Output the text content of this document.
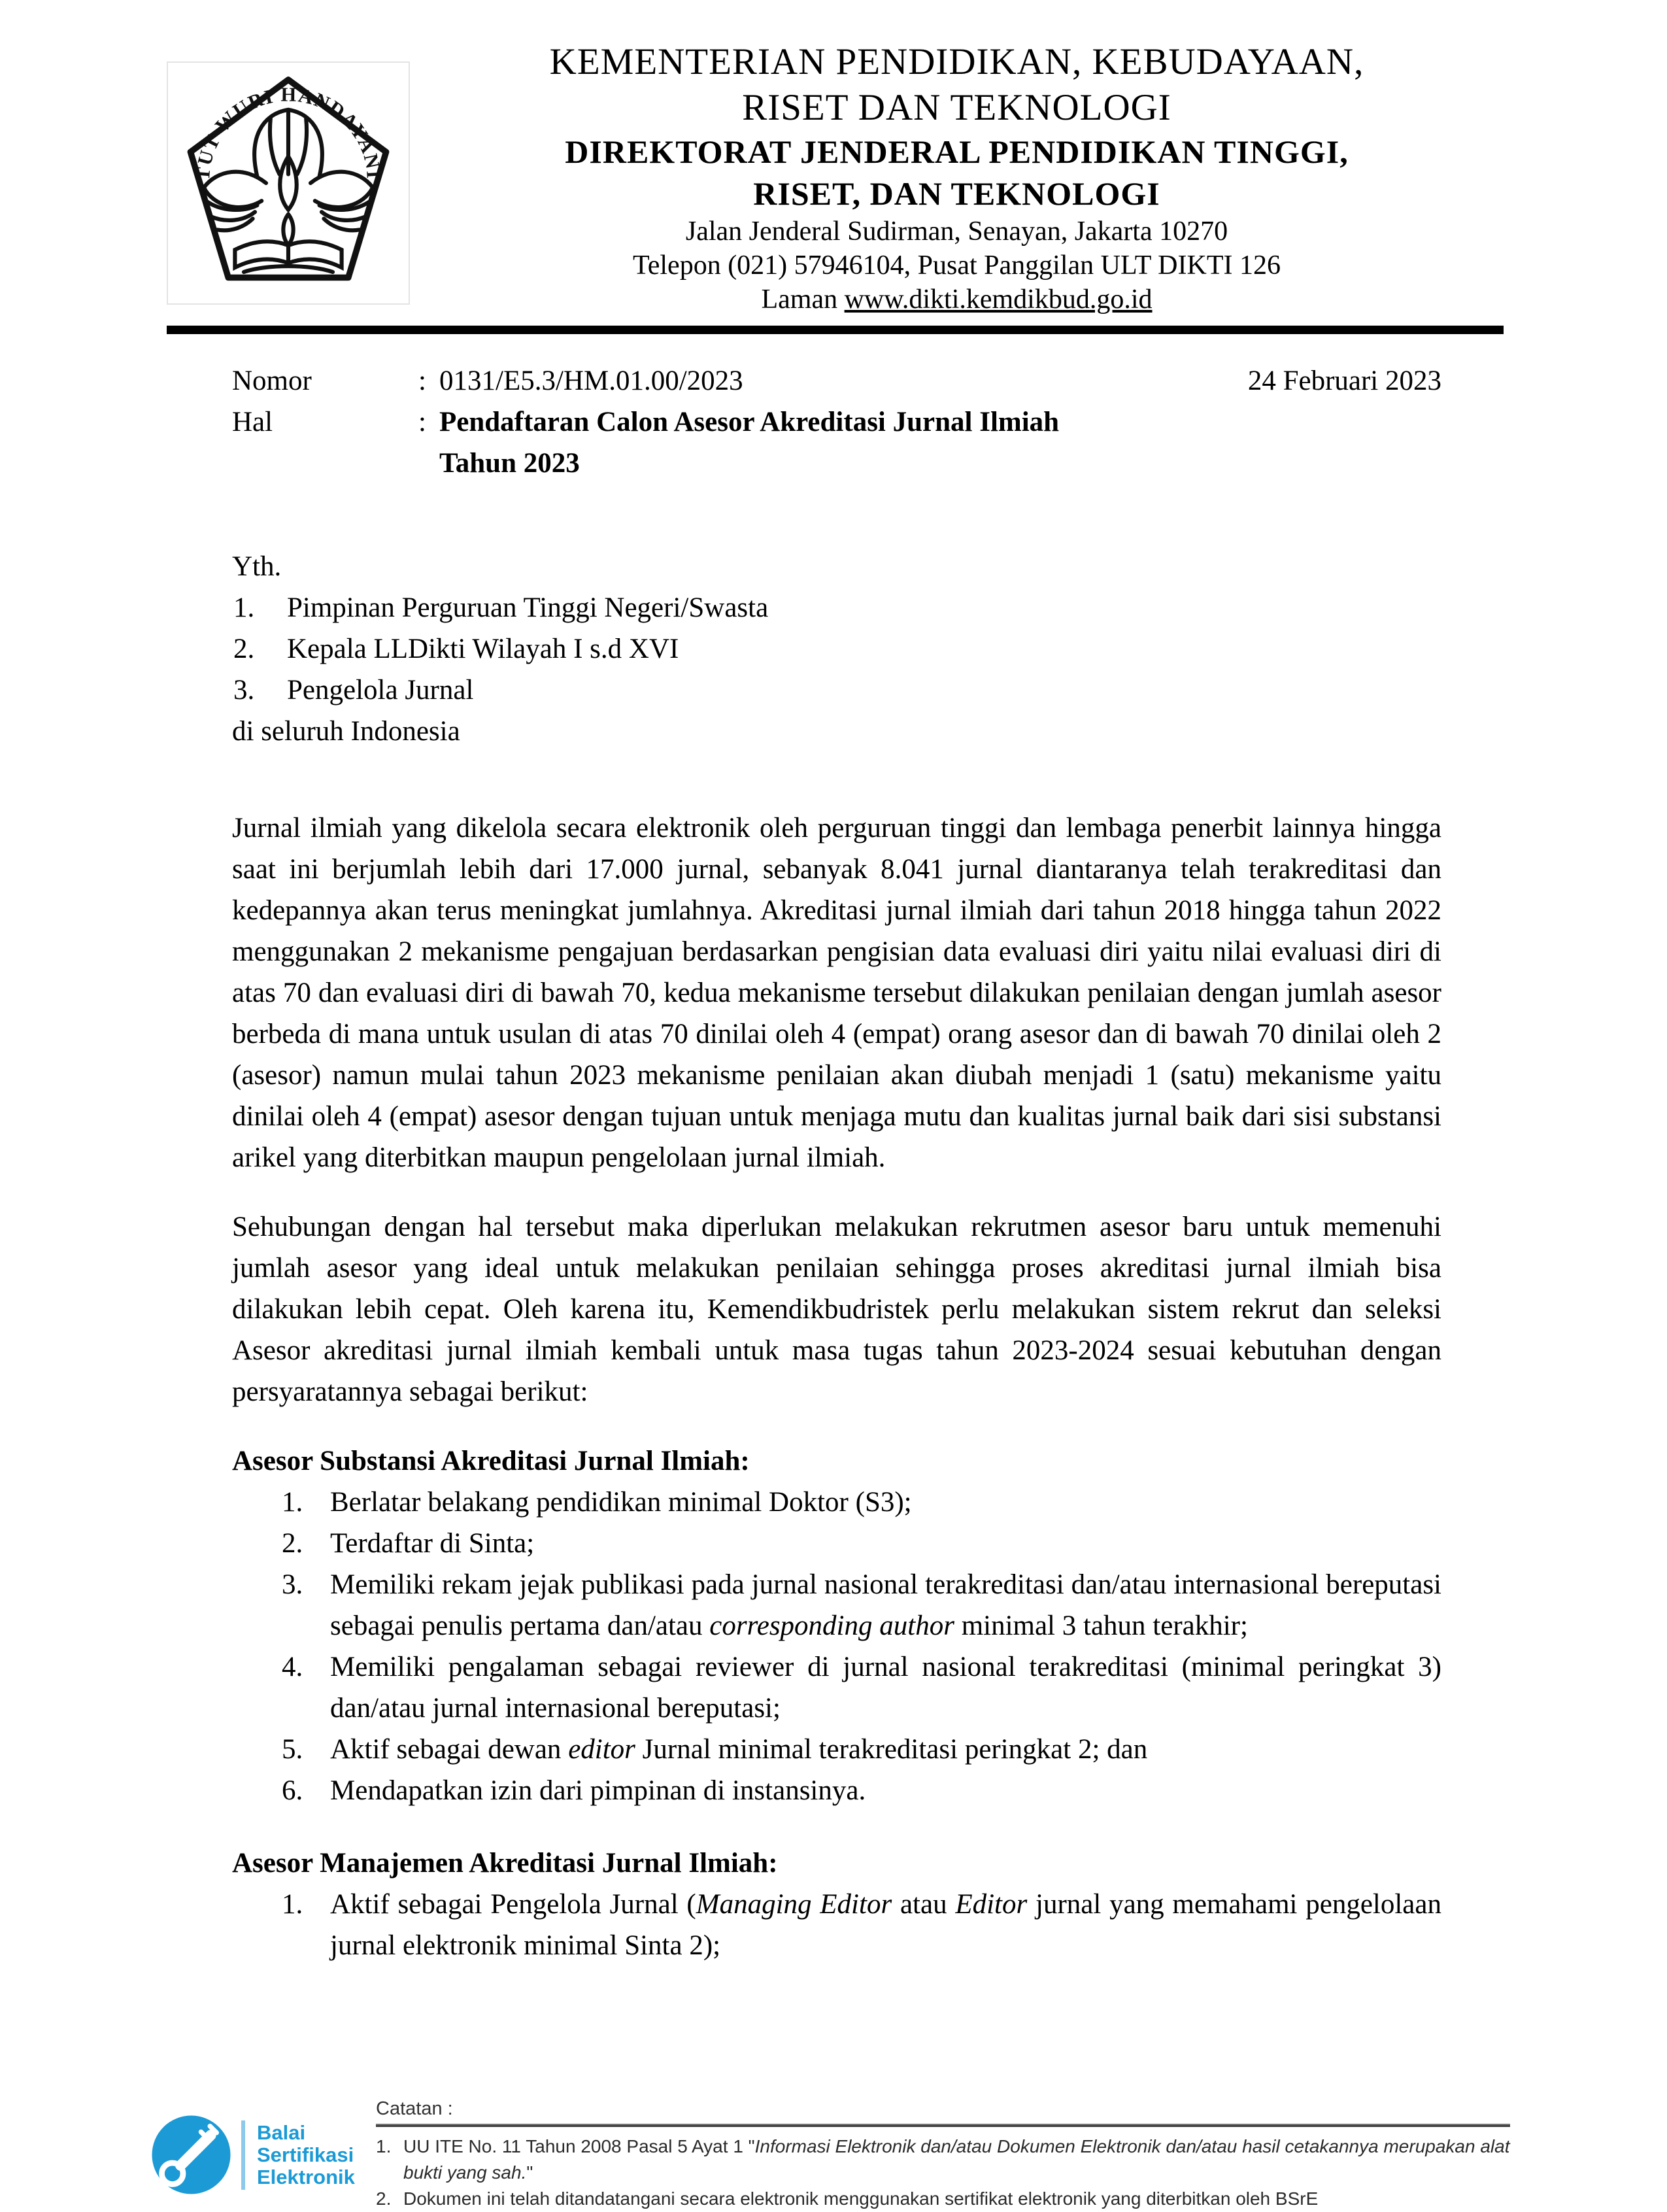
TUT WURI HANDAYANI
KEMENTERIAN PENDIDIKAN, KEBUDAYAAN,
RISET DAN TEKNOLOGI
DIREKTORAT JENDERAL PENDIDIKAN TINGGI,
RISET, DAN TEKNOLOGI
Jalan Jenderal Sudirman, Senayan, Jakarta 10270
Telepon (021) 57946104, Pusat Panggilan ULT DIKTI 126
Laman www.dikti.kemdikbud.go.id
Nomor	: 0131/E5.3/HM.01.00/2023	24 Februari 2023
Hal	: Pendaftaran Calon Asesor Akreditasi Jurnal Ilmiah
Tahun 2023
Yth.
Pimpinan Perguruan Tinggi Negeri/Swasta
Kepala LLDikti Wilayah I s.d XVI
Pengelola Jurnal
di seluruh Indonesia

Jurnal ilmiah yang dikelola secara elektronik oleh perguruan tinggi dan lembaga penerbit lainnya hingga saat ini berjumlah lebih dari 17.000 jurnal, sebanyak 8.041 jurnal diantaranya telah terakreditasi dan kedepannya akan terus meningkat jumlahnya. Akreditasi jurnal ilmiah dari tahun 2018 hingga tahun 2022 menggunakan 2 mekanisme pengajuan berdasarkan pengisian data evaluasi diri yaitu nilai evaluasi diri di atas 70 dan evaluasi diri di bawah 70, kedua mekanisme tersebut dilakukan penilaian dengan jumlah asesor berbeda di mana untuk usulan di atas 70 dinilai oleh 4 (empat) orang asesor dan di bawah 70 dinilai oleh 2 (asesor) namun mulai tahun 2023 mekanisme penilaian akan diubah menjadi 1 (satu) mekanisme yaitu dinilai oleh 4 (empat) asesor dengan tujuan untuk menjaga mutu dan kualitas jurnal baik dari sisi substansi arikel yang diterbitkan maupun pengelolaan jurnal ilmiah.

Sehubungan dengan hal tersebut maka diperlukan melakukan rekrutmen asesor baru untuk memenuhi jumlah asesor yang ideal untuk melakukan penilaian sehingga proses akreditasi jurnal ilmiah bisa dilakukan lebih cepat. Oleh karena itu, Kemendikbudristek perlu melakukan sistem rekrut dan seleksi Asesor akreditasi jurnal ilmiah kembali untuk masa tugas tahun 2023-2024 sesuai kebutuhan dengan persyaratannya sebagai berikut:

Asesor Substansi Akreditasi Jurnal Ilmiah:
Berlatar belakang pendidikan minimal Doktor (S3);
Terdaftar di Sinta;
Memiliki rekam jejak publikasi pada jurnal nasional terakreditasi dan/atau internasional bereputasi sebagai penulis pertama dan/atau corresponding author minimal 3 tahun terakhir;
Memiliki pengalaman sebagai reviewer di jurnal nasional terakreditasi (minimal peringkat 3) dan/atau jurnal internasional bereputasi;
Aktif sebagai dewan editor Jurnal minimal terakreditasi peringkat 2; dan
Mendapatkan izin dari pimpinan di instansinya.
Asesor Manajemen Akreditasi Jurnal Ilmiah:
Aktif sebagai Pengelola Jurnal (Managing Editor atau Editor jurnal yang memahami pengelolaan jurnal elektronik minimal Sinta 2);
Balai
Sertifikasi
Elektronik
Catatan :
UU ITE No. 11 Tahun 2008 Pasal 5 Ayat 1 "Informasi Elektronik dan/atau Dokumen Elektronik dan/atau hasil cetakannya merupakan alat bukti yang sah."
Dokumen ini telah ditandatangani secara elektronik menggunakan sertifikat elektronik yang diterbitkan oleh BSrE
